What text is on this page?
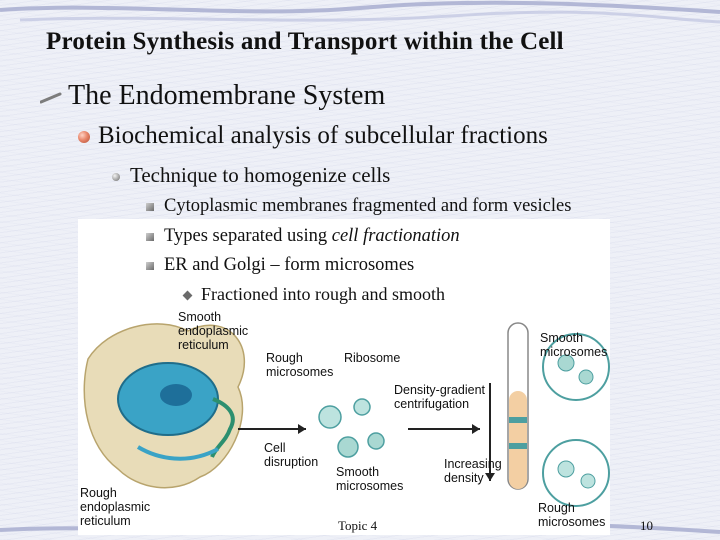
Protein Synthesis and Transport within the Cell
The Endomembrane System
Biochemical analysis of subcellular fractions
Technique to homogenize cells
Smooth
endoplasmic
reticulum
Rough
endoplasmic
reticulum
Rough
microsomes
Ribosome
Density-gradient
centrifugation
Cell
disruption
Smooth
microsomes
Increasing
density
Smooth
microsomes
Rough
microsomes
Cytoplasmic membranes fragmented and form vesicles
Types separated using cell fractionation
ER and Golgi – form microsomes
Fractioned into rough and smooth
Topic 4	10
